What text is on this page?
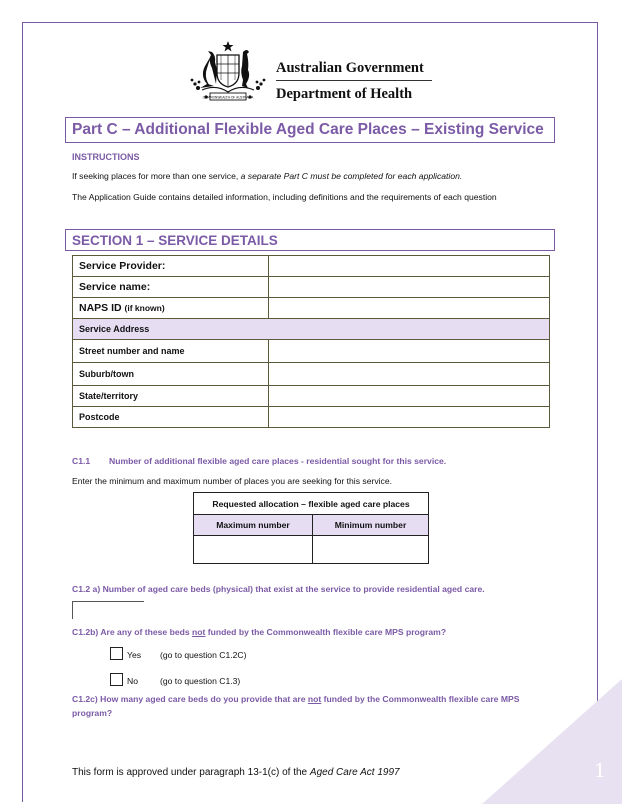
1
COMMONWEALTH OF AUSTRALIA
Australian Government
Department of Health
Part C – Additional Flexible Aged Care Places – Existing Service
INSTRUCTIONS
If seeking places for more than one service, a separate Part C must be completed for each application.
The Application Guide contains detailed information, including definitions and the requirements of each question
SECTION 1 – SERVICE DETAILS
Service Provider:	
Service name:	
NAPS ID (if known)	
Service Address	
Street number and name	
Suburb/town	
State/territory	
Postcode	
C1.1 Number of additional flexible aged care places - residential sought for this service.
Enter the minimum and maximum number of places you are seeking for this service.
Requested allocation – flexible aged care places	
Maximum number	Minimum number

C1.2 a) Number of aged care beds (physical) that exist at the service to provide residential aged care.
C1.2b) Are any of these beds not funded by the Commonwealth flexible care MPS program?
Yes (go to question C1.2C)
No	(go to question C1.3)
C1.2c) How many aged care beds do you provide that are not funded by the Commonwealth flexible care MPS program?
This form is approved under paragraph 13-1(c) of the Aged Care Act 1997
